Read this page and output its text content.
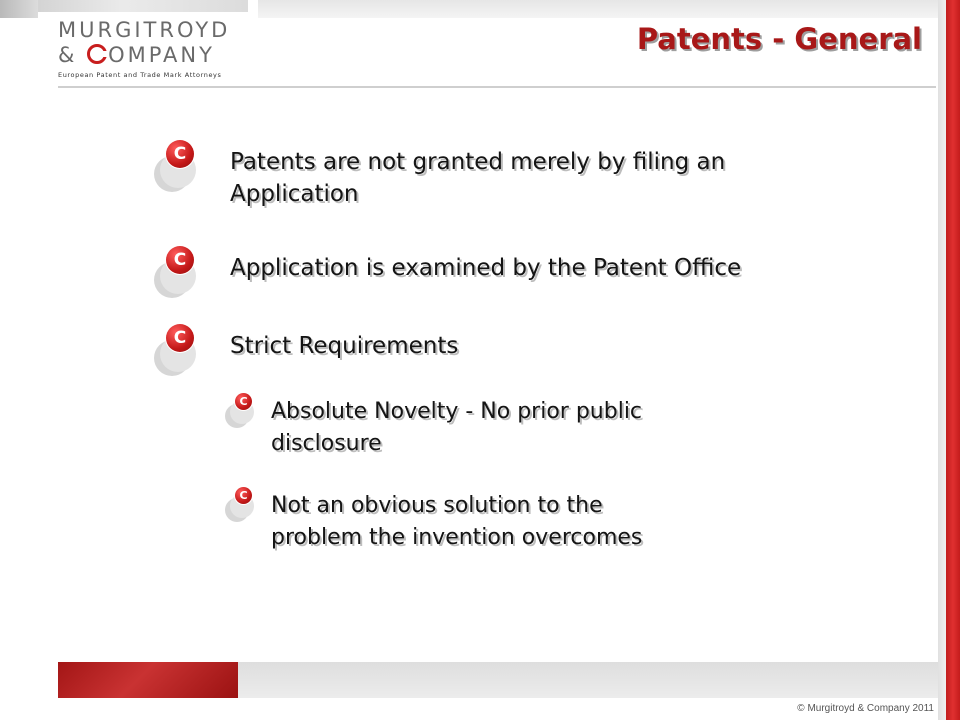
MURGITROYD
& OMPANY
European Patent and Trade Mark Attorneys
Patents - General
C	Patents are not granted merely by filing an
Application
C	Application is examined by the Patent Office
C	Strict Requirements
C Absolute Novelty - No prior public
disclosure
C Not an obvious solution to the
problem the invention overcomes
© Murgitroyd & Company 2011
